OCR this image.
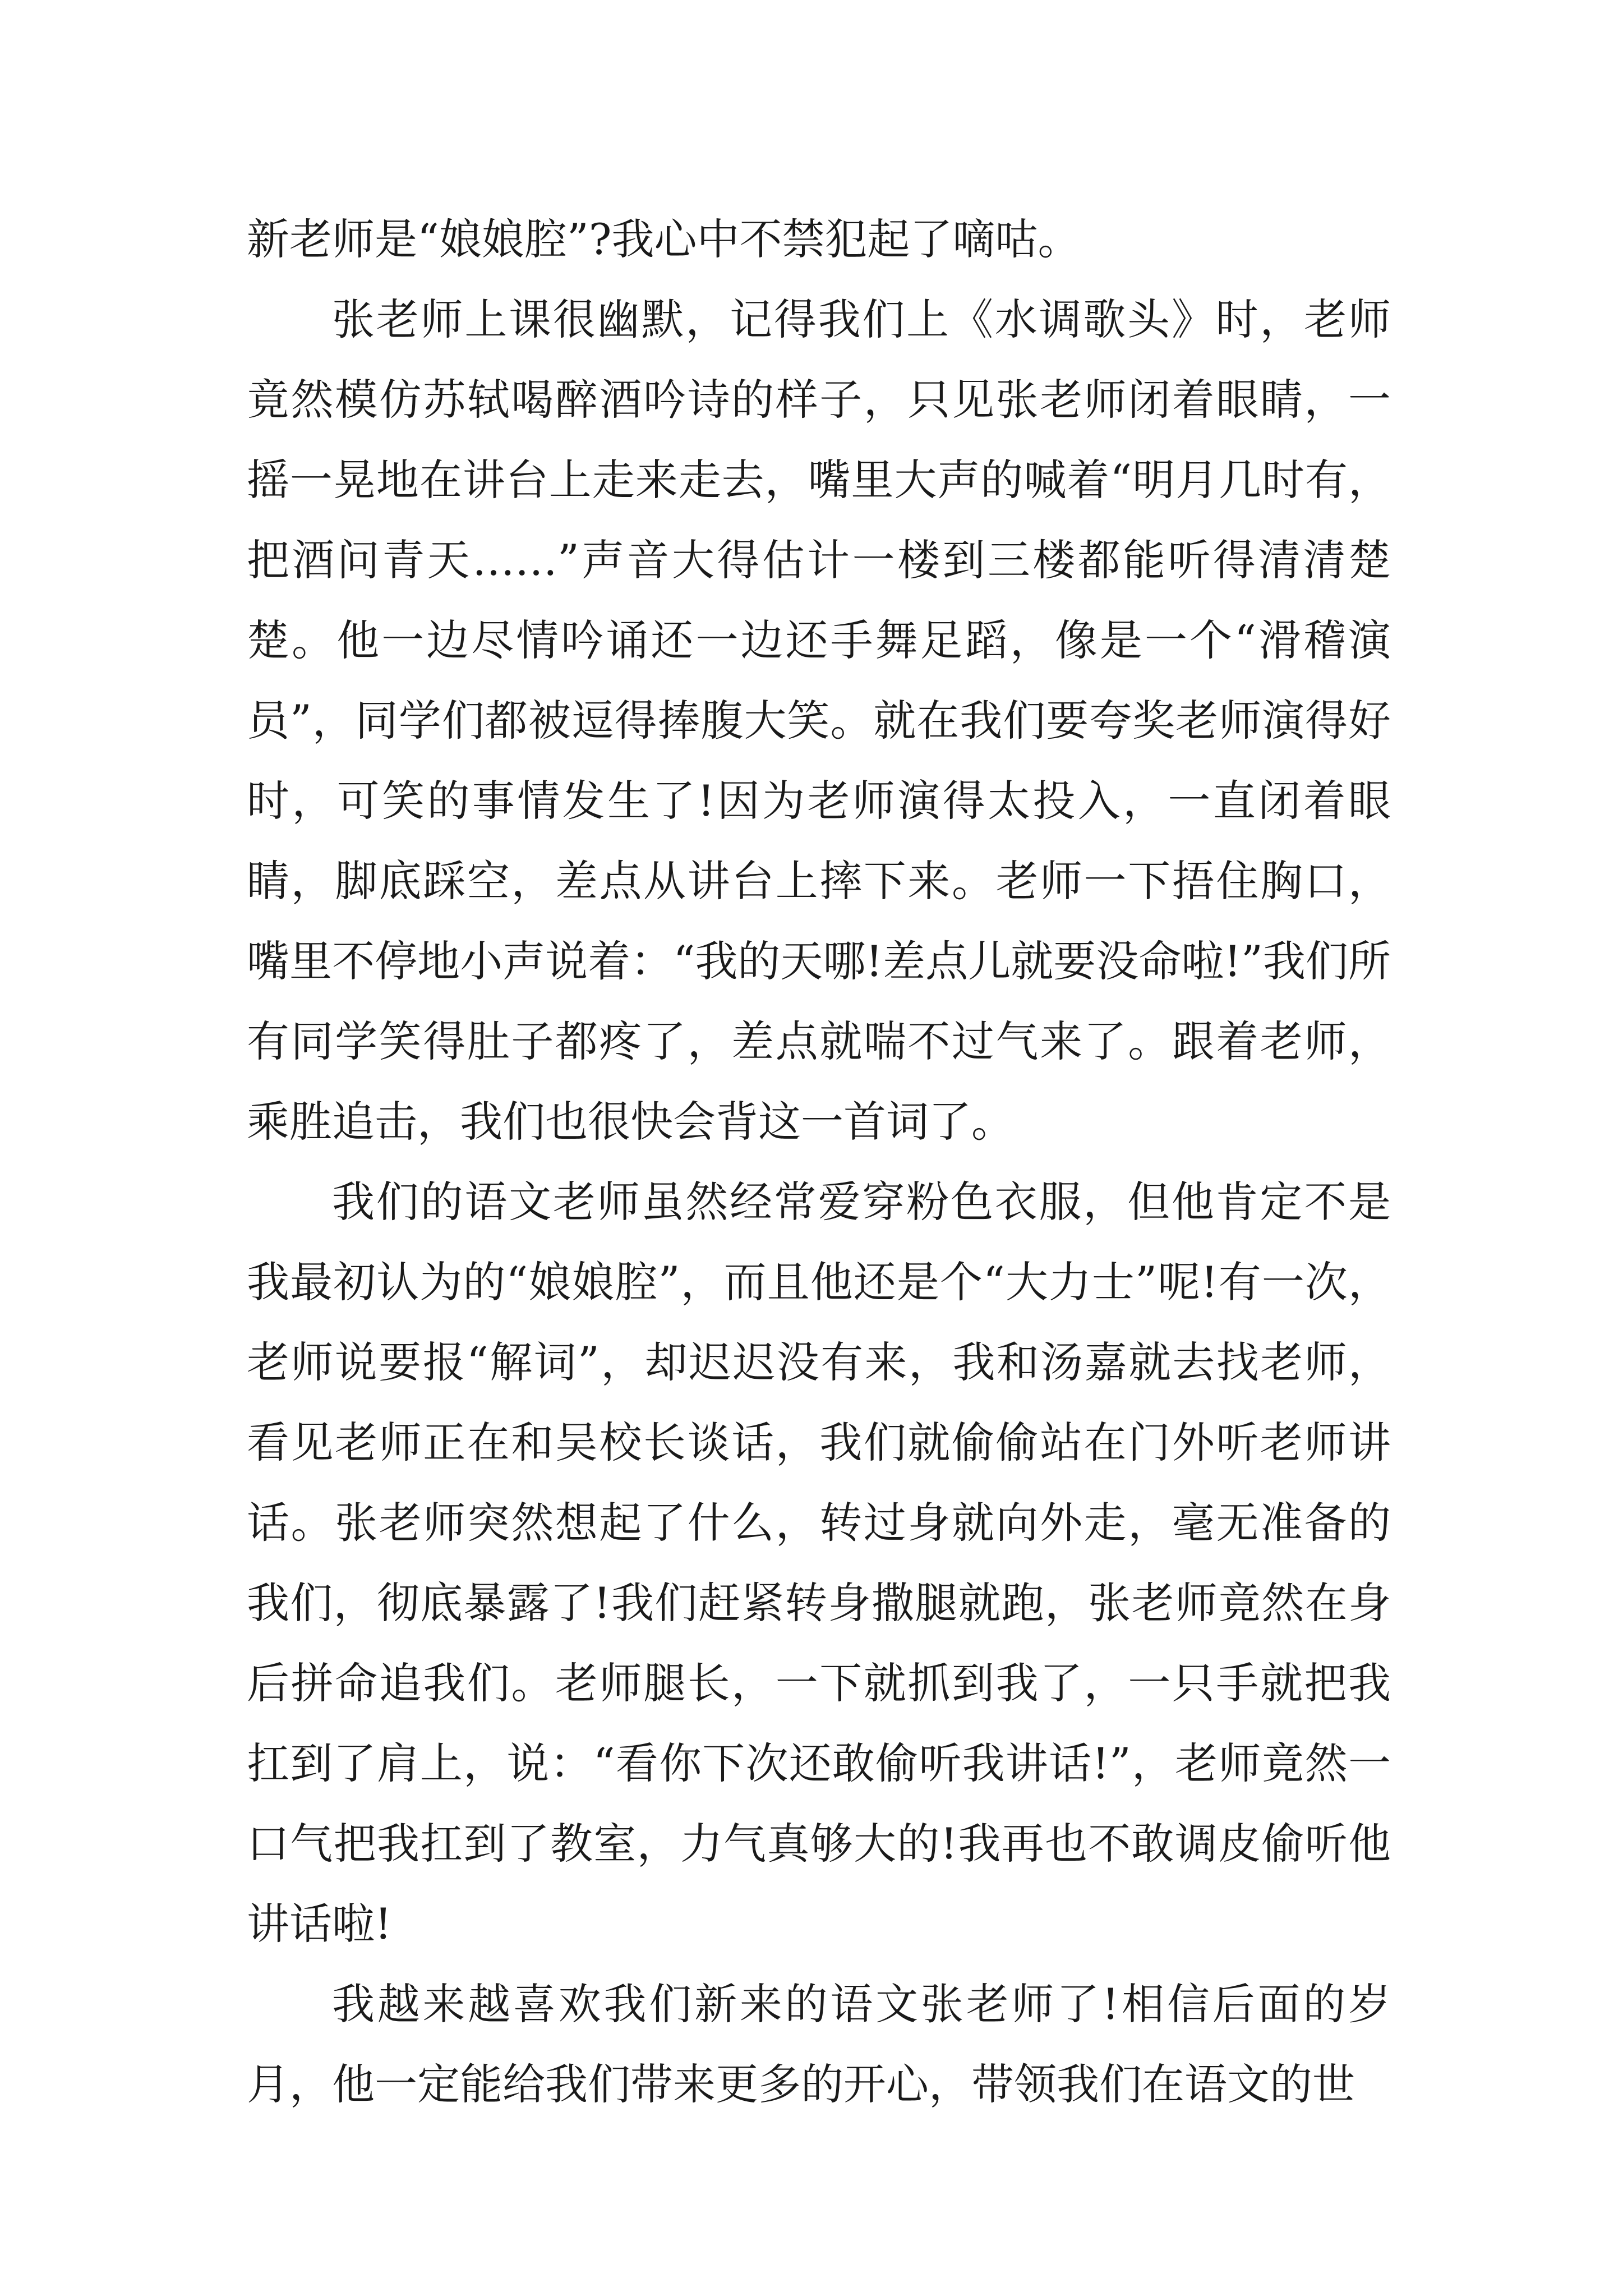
新老师是“娘娘腔”?我心中不禁犯起了嘀咕。

张老师上课很幽默，记得我们上《水调歌头》时，老师竟然模仿苏轼喝醉酒吟诗的样子，只见张老师闭着眼睛，一摇一晃地在讲台上走来走去，嘴里大声的喊着“明月几时有，把酒问青天……”声音大得估计一楼到三楼都能听得清清楚楚。他一边尽情吟诵还一边还手舞足蹈，像是一个“滑稽演员”，同学们都被逗得捧腹大笑。就在我们要夸奖老师演得好时，可笑的事情发生了!因为老师演得太投入，一直闭着眼睛，脚底踩空，差点从讲台上摔下来。老师一下捂住胸口，嘴里不停地小声说着：“我的天哪!差点儿就要没命啦!”我们所有同学笑得肚子都疼了，差点就喘不过气来了。跟着老师，乘胜追击，我们也很快会背这一首词了。

我们的语文老师虽然经常爱穿粉色衣服，但他肯定不是我最初认为的“娘娘腔”，而且他还是个“大力士”呢!有一次，老师说要报“解词”，却迟迟没有来，我和汤嘉就去找老师，看见老师正在和吴校长谈话，我们就偷偷站在门外听老师讲话。张老师突然想起了什么，转过身就向外走，毫无准备的我们，彻底暴露了!我们赶紧转身撒腿就跑，张老师竟然在身后拼命追我们。老师腿长，一下就抓到我了，一只手就把我扛到了肩上，说：“看你下次还敢偷听我讲话!”，老师竟然一口气把我扛到了教室，力气真够大的!我再也不敢调皮偷听他讲话啦!

我越来越喜欢我们新来的语文张老师了!相信后面的岁月，他一定能给我们带来更多的开心，带领我们在语文的世
